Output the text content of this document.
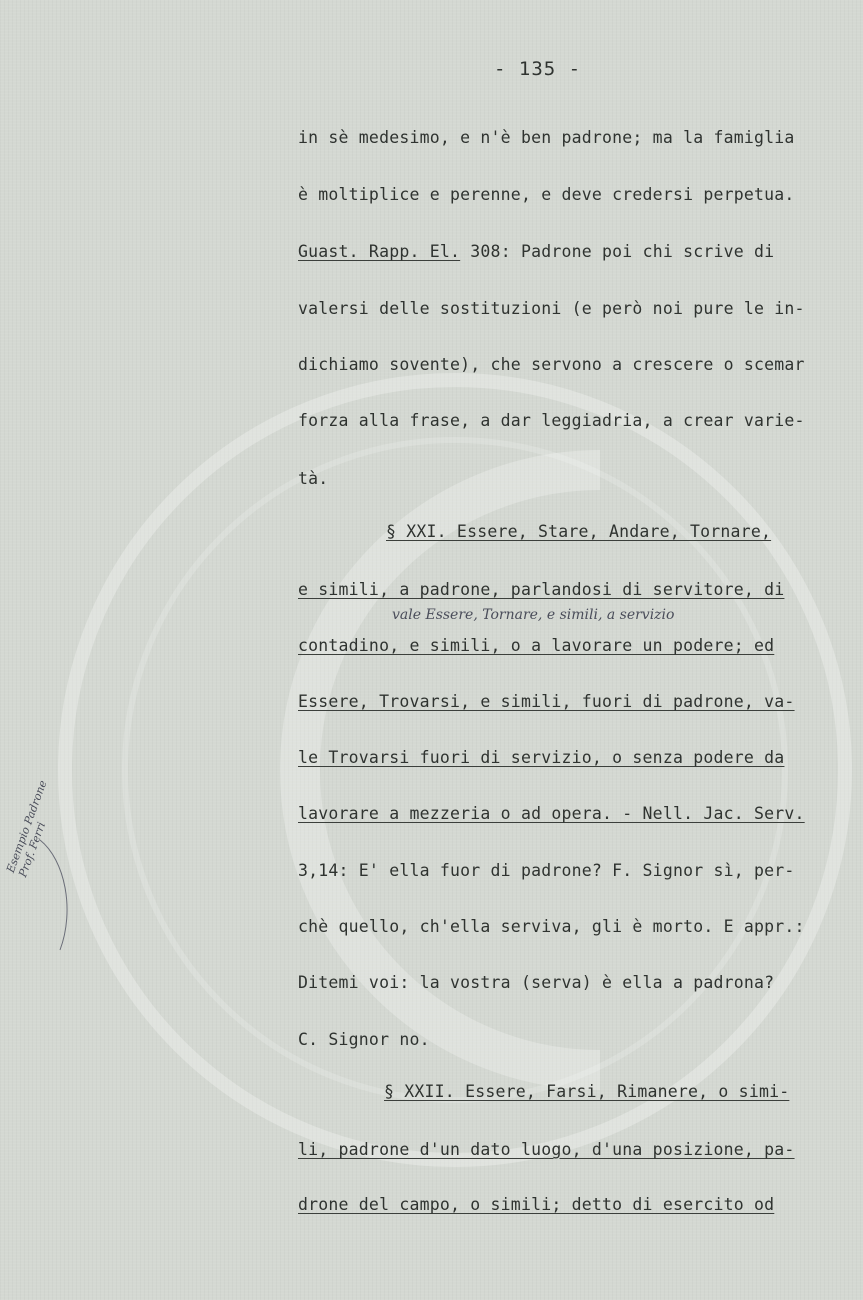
- 135 -
in sè medesimo, e n'è ben padrone; ma la famiglia
è moltiplice e perenne, e deve credersi perpetua.
Guast. Rapp. El. 308: Padrone poi chi scrive di
valersi delle sostituzioni (e però noi pure le in-
dichiamo sovente), che servono a crescere o scemar
forza alla frase, a dar leggiadria, a crear varie-
tà.
§ XXI. Essere, Stare, Andare, Tornare,
e simili, a padrone, parlandosi di servitore, di
vale Essere, Tornare, e simili, a servizio
contadino, e simili, o a lavorare un podere; ed
Essere, Trovarsi, e simili, fuori di padrone, va-
le Trovarsi fuori di servizio, o senza podere da
lavorare a mezzeria o ad opera. - Nell. Jac. Serv.
3,14: E' ella fuor di padrone? F. Signor sì, per-
chè quello, ch'ella serviva, gli è morto. E appr.:
Ditemi voi: la vostra (serva) è ella a padrona?
C. Signor no.
§ XXII. Essere, Farsi, Rimanere, o simi-
li, padrone d'un dato luogo, d'una posizione, pa-
drone del campo, o simili; detto di esercito od
Esempio Padrone Prof. Ferri
